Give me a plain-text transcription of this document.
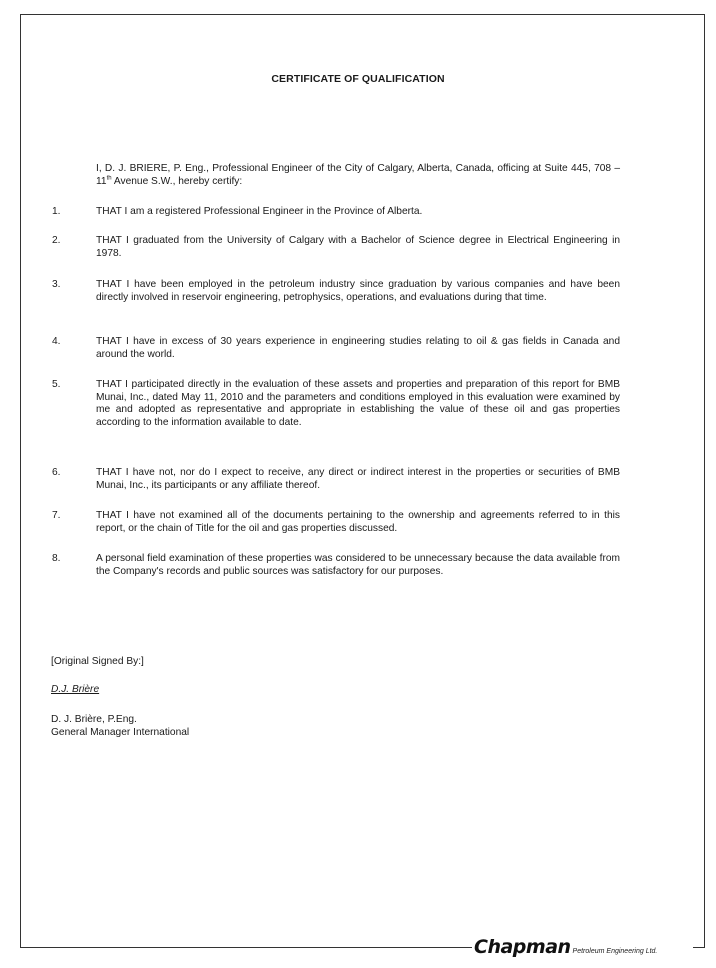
CERTIFICATE OF QUALIFICATION
I, D. J. BRIERE, P. Eng., Professional Engineer of the City of Calgary, Alberta, Canada, officing at Suite 445, 708 – 11th Avenue S.W., hereby certify:
1.	THAT I am a registered Professional Engineer in the Province of Alberta.
2.	THAT I graduated from the University of Calgary with a Bachelor of Science degree in Electrical Engineering in 1978.
3.	THAT I have been employed in the petroleum industry since graduation by various companies and have been directly involved in reservoir engineering, petrophysics, operations, and evaluations during that time.
4.	THAT I have in excess of 30 years experience in engineering studies relating to oil & gas fields in Canada and around the world.
5.	THAT I participated directly in the evaluation of these assets and properties and preparation of this report for BMB Munai, Inc., dated May 11, 2010 and the parameters and conditions employed in this evaluation were examined by me and adopted as representative and appropriate in establishing the value of these oil and gas properties according to the information available to date.
6.	THAT I have not, nor do I expect to receive, any direct or indirect interest in the properties or securities of BMB Munai, Inc., its participants or any affiliate thereof.
7.	THAT I have not examined all of the documents pertaining to the ownership and agreements referred to in this report, or the chain of Title for the oil and gas properties discussed.
8.	A personal field examination of these properties was considered to be unnecessary because the data available from the Company's records and public sources was satisfactory for our purposes.
[Original Signed By:]
D.J. Brière
D. J. Brière, P.Eng.
General Manager International
Chapman Petroleum Engineering Ltd.
